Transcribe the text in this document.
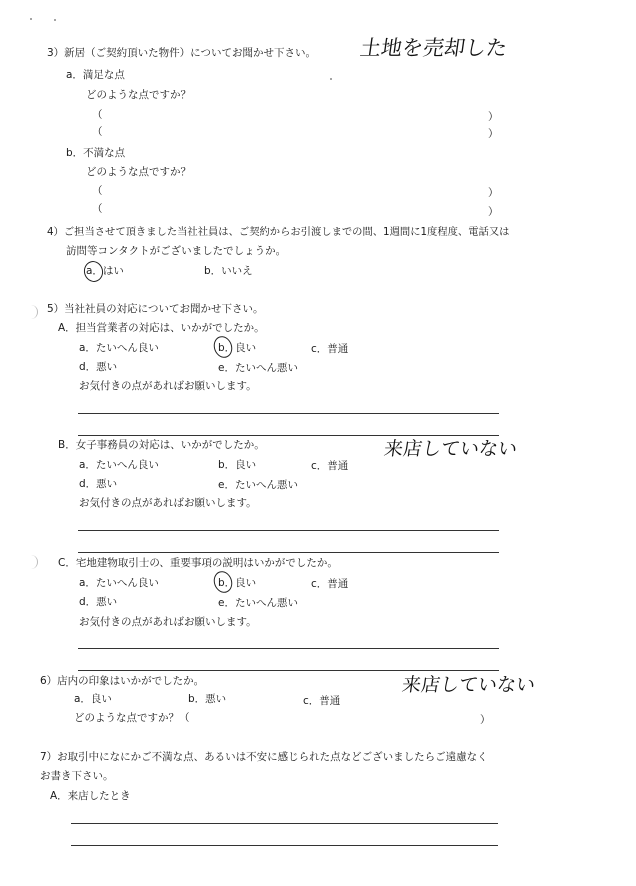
3）新居（ご契約頂いた物件）についてお聞かせ下さい。 土地を売却した
a．満足な点
どのような点ですか？
（	）
（	）
b．不満な点
どのような点ですか？
（	）
（	）
4）ご担当させて頂きました当社社員は、ご契約からお引渡しまでの間、1週間に1度程度、電話又は
訪問等コンタクトがございましたでしょうか。
a．はい	b．いいえ
5）当社社員の対応についてお聞かせ下さい。
A．担当営業者の対応は、いかがでしたか。
a．たいへん良い	b．良い	c．普通
d．悪い	e．たいへん悪い
お気付きの点があればお願いします。
B．女子事務員の対応は、いかがでしたか。	来店していない
a．たいへん良い	b．良い	c．普通
d．悪い	e．たいへん悪い
お気付きの点があればお願いします。
C．宅地建物取引士の、重要事項の説明はいかがでしたか。
a．たいへん良い	b．良い	c．普通
d．悪い	e．たいへん悪い
お気付きの点があればお願いします。
6）店内の印象はいかがでしたか。	来店していない
a．良い	b．悪い	c．普通
どのような点ですか？（	）
7）お取引中になにかご不満な点、あるいは不安に感じられた点などございましたらご遠慮なく
お書き下さい。
A．来店したとき
